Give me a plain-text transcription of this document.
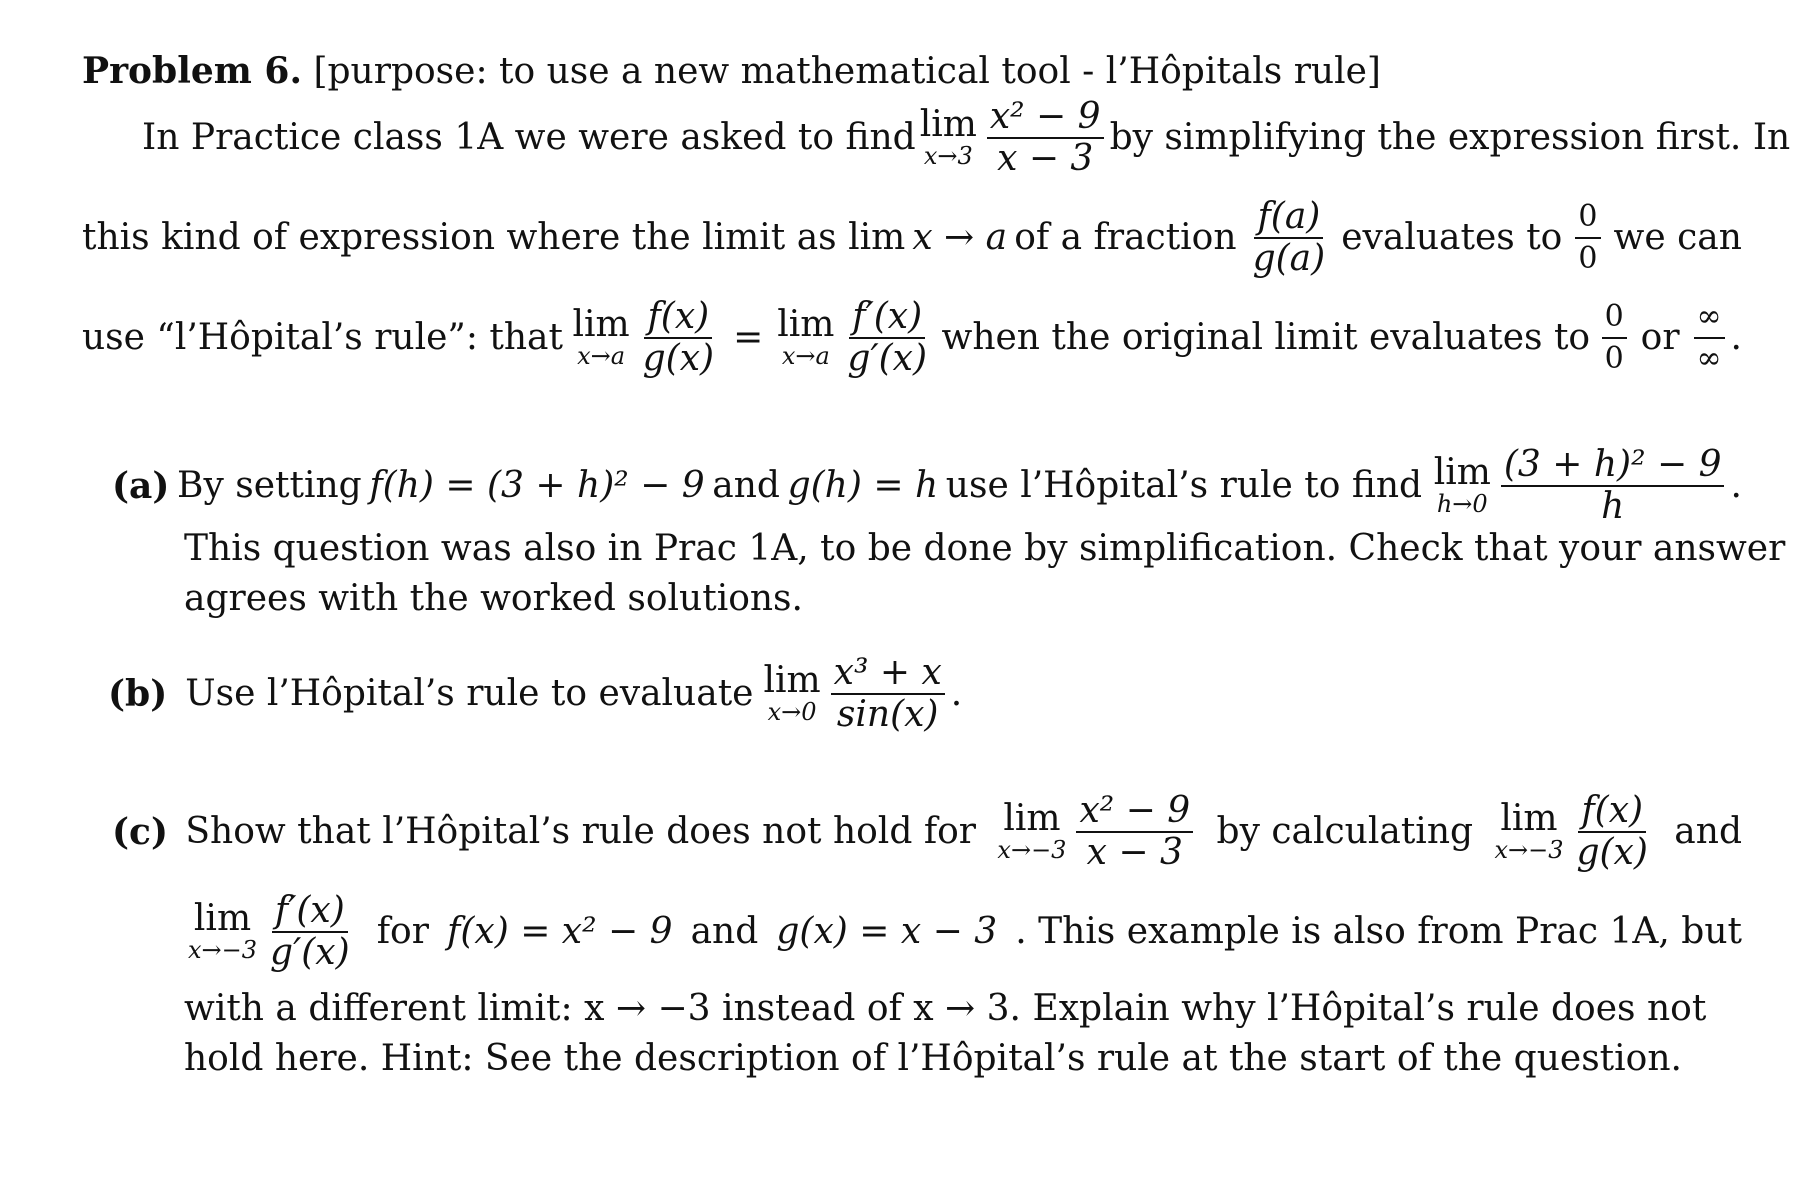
Problem 6. [purpose: to use a new mathematical tool - l’Hôpitals rule]
In Practice class 1A we were asked to find lim
$x\to 3 \frac{\text{x² − 9}}{x - 3}$ by simplifying the expression first. In
this kind of expression where the limit as lim x → a of a fraction $\frac{f(a)}{g(a)}$ evaluates to $\frac{0}{0}$ we can
use “l’Hôpital’s rule”: that lim
$x\to a \frac{f(x)}{g(x)} = \lim$
$x\to a \frac{f'(x)}{g'(x)}$ when the original limit evaluates to $\frac{0}{0}$ or $\frac{\infty}{\infty}$ .
(a) By setting f(h) = (3 + h)² − 9 and g(h) = h use l’Hôpital’s rule to find lim
$h\to 0 \frac{\text{(3 + h)² − 9}}{h}$ .
This question was also in Prac 1A, to be done by simplification. Check that your answer
agrees with the worked solutions.
(b) Use l’Hôpital’s rule to evaluate lim
$x\to 0 \frac{\text{x³ + x}}{\sin(x)}$ .
(c) Show that l’Hôpital’s rule does not hold for lim
$x\to-3 \frac{\text{x² − 9}}{x - 3}$ by calculating lim
$x\to-3 \frac{f(x)}{g(x)}$ and
lim
$x\to-3 \frac{f'(x)}{g'(x)}$ for f(x) = x² − 9 and g(x) = x − 3 . This example is also from Prac 1A, but
with a different limit: x → −3 instead of x → 3. Explain why l’Hôpital’s rule does not
hold here. Hint: See the description of l’Hôpital’s rule at the start of the question.
